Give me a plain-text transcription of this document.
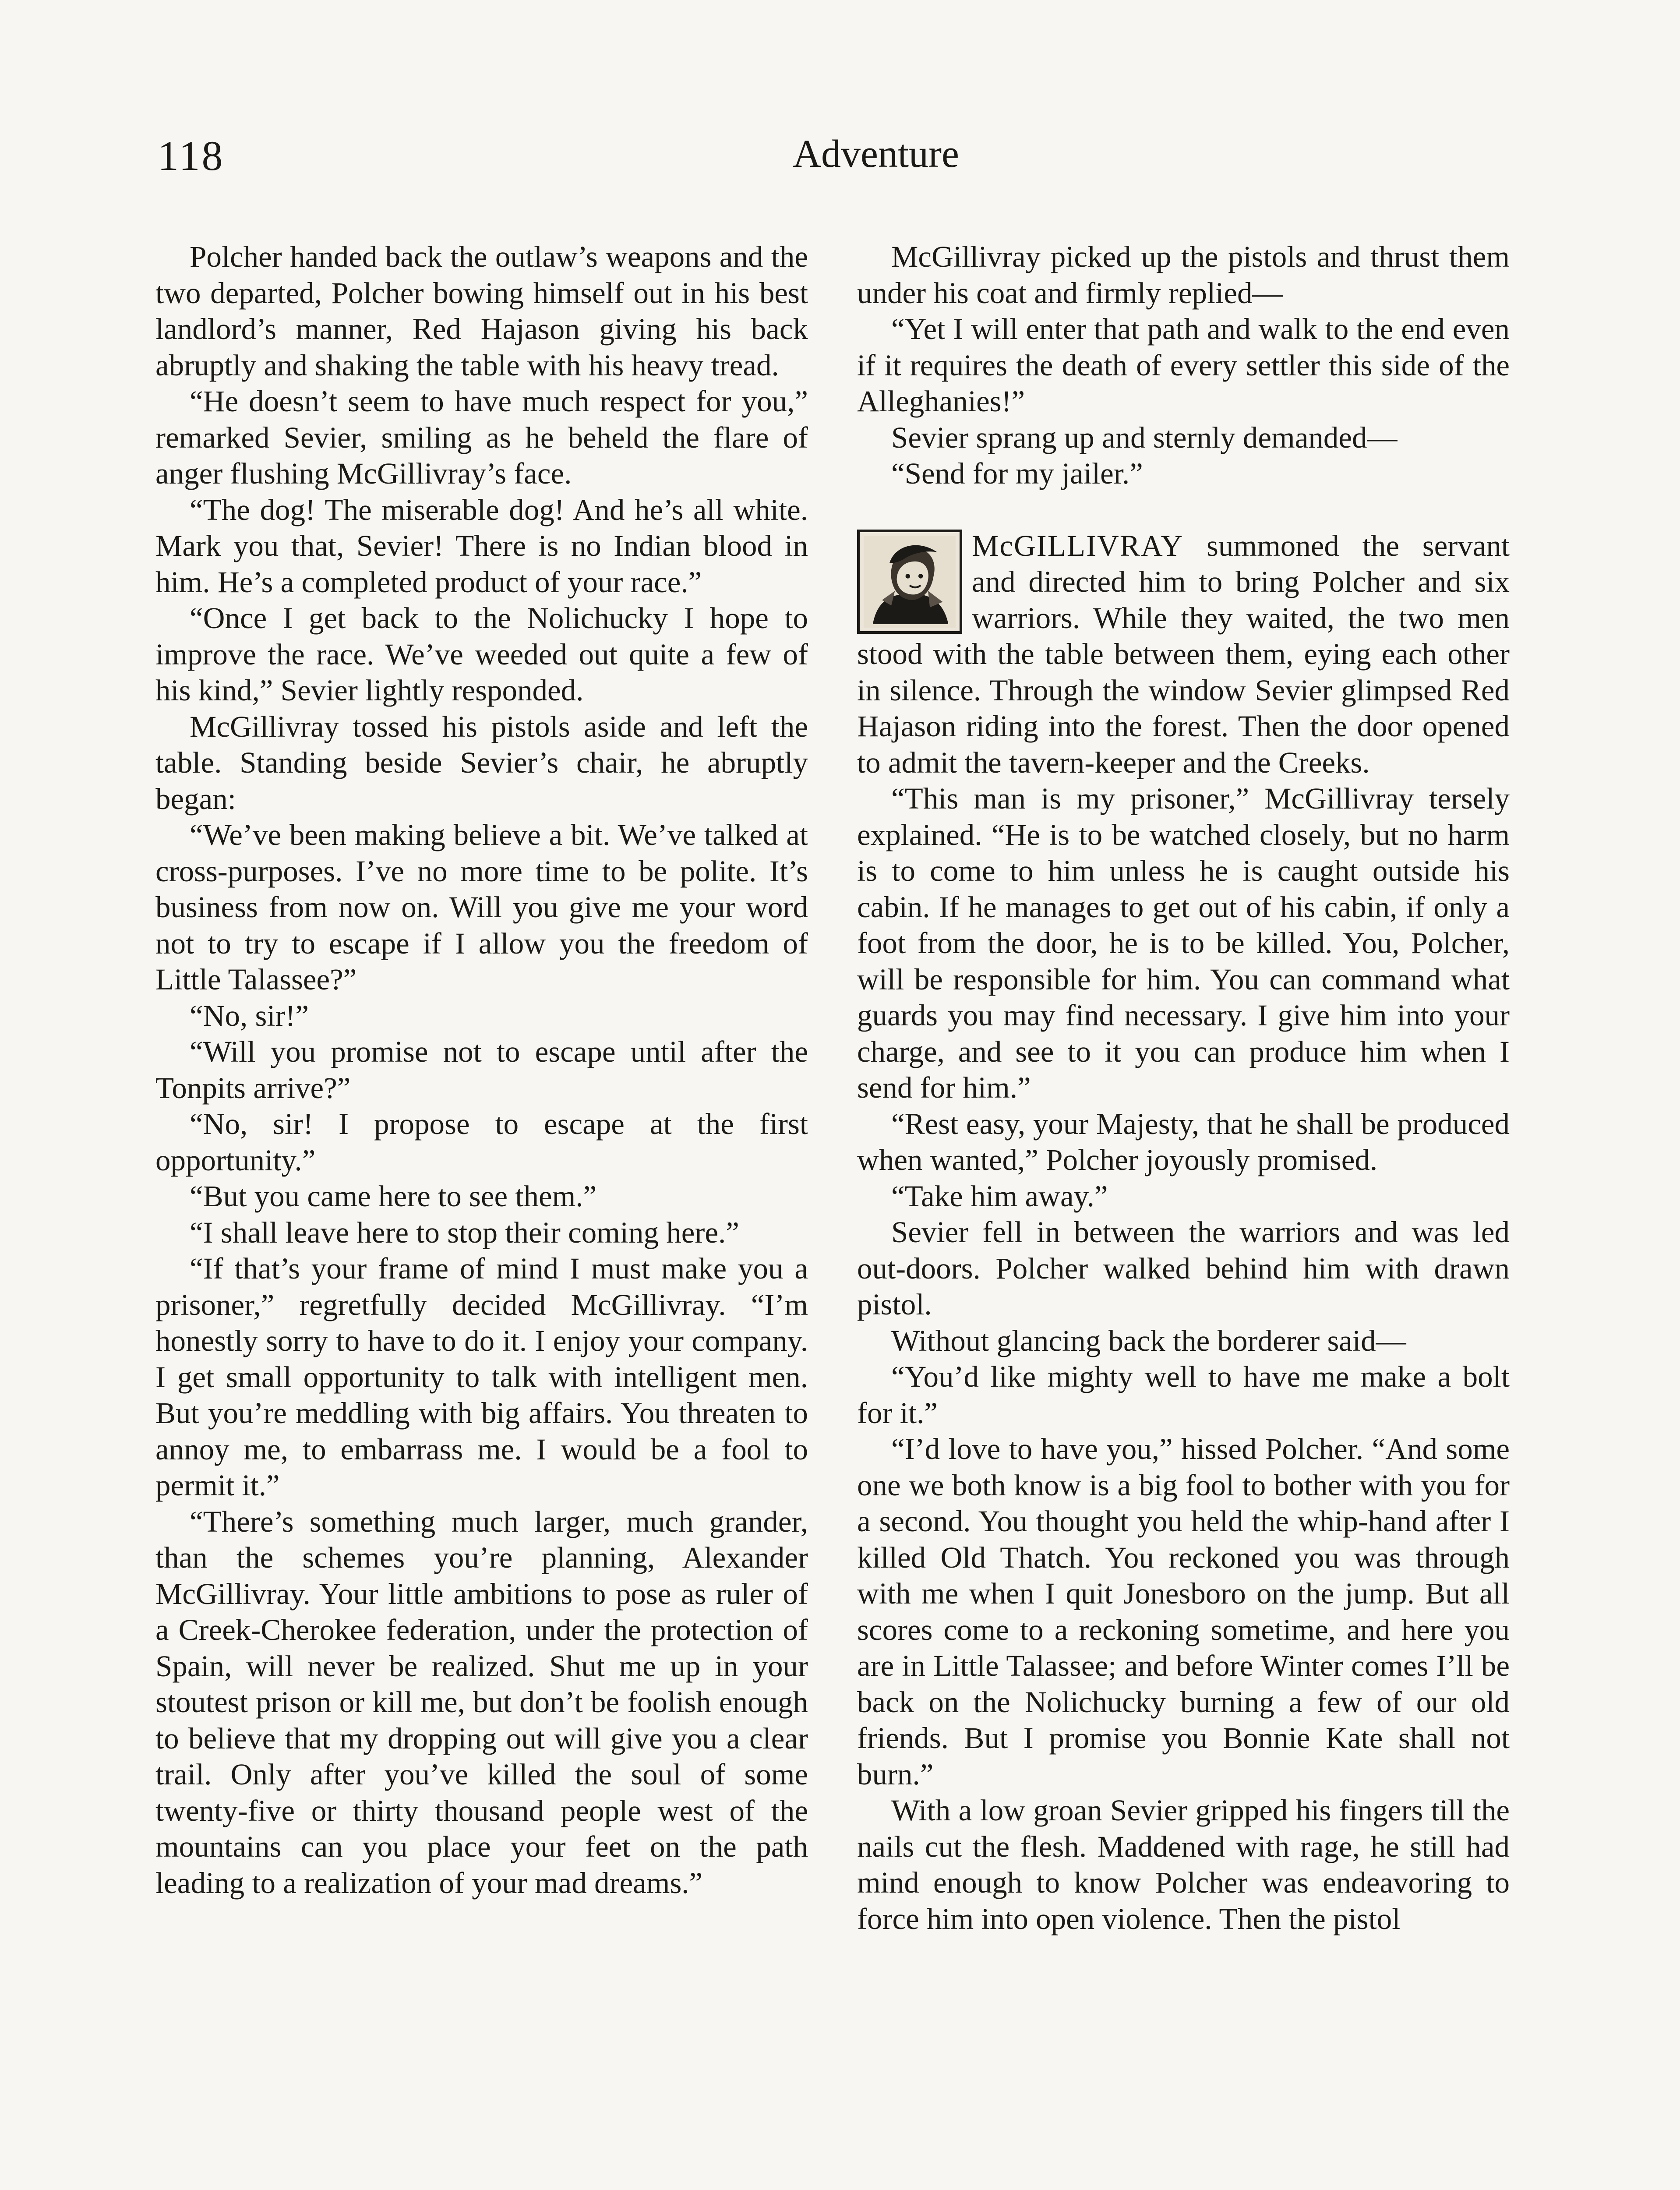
118	Adventure

Polcher handed back the outlaw’s weapons and the two departed, Polcher bowing himself out in his best landlord’s manner, Red Hajason giving his back abruptly and shaking the table with his heavy tread.

“He doesn’t seem to have much respect for you,” remarked Sevier, smiling as he beheld the flare of anger flushing McGillivray’s face.

“The dog! The miserable dog! And he’s all white. Mark you that, Sevier! There is no Indian blood in him. He’s a completed product of your race.”

“Once I get back to the Nolichucky I hope to improve the race. We’ve weeded out quite a few of his kind,” Sevier lightly responded.

McGillivray tossed his pistols aside and left the table. Standing beside Sevier’s chair, he abruptly began:

“We’ve been making believe a bit. We’ve talked at cross-purposes. I’ve no more time to be polite. It’s business from now on. Will you give me your word not to try to escape if I allow you the freedom of Little Talassee?”

“No, sir!”

“Will you promise not to escape until after the Tonpits arrive?”

“No, sir! I propose to escape at the first opportunity.”

“But you came here to see them.”

“I shall leave here to stop their coming here.”

“If that’s your frame of mind I must make you a prisoner,” regretfully decided McGillivray. “I’m honestly sorry to have to do it. I enjoy your company. I get small opportunity to talk with intelligent men. But you’re meddling with big affairs. You threaten to annoy me, to embarrass me. I would be a fool to permit it.”

“There’s something much larger, much grander, than the schemes you’re planning, Alexander McGillivray. Your little ambitions to pose as ruler of a Creek-Cherokee federation, under the protection of Spain, will never be realized. Shut me up in your stoutest prison or kill me, but don’t be foolish enough to believe that my dropping out will give you a clear trail. Only after you’ve killed the soul of some twenty-five or thirty thousand people west of the mountains can you place your feet on the path leading to a realization of your mad dreams.”

McGillivray picked up the pistols and thrust them under his coat and firmly replied—

“Yet I will enter that path and walk to the end even if it requires the death of every settler this side of the Alleghanies!”

Sevier sprang up and sternly demanded—

“Send for my jailer.”

McGILLIVRAY summoned the servant and directed him to bring Polcher and six warriors. While they waited, the two men stood with the table between them, eying each other in silence. Through the window Sevier glimpsed Red Hajason riding into the forest. Then the door opened to admit the tavern-keeper and the Creeks.

“This man is my prisoner,” McGillivray tersely explained. “He is to be watched closely, but no harm is to come to him unless he is caught outside his cabin. If he manages to get out of his cabin, if only a foot from the door, he is to be killed. You, Polcher, will be responsible for him. You can command what guards you may find necessary. I give him into your charge, and see to it you can produce him when I send for him.”

“Rest easy, your Majesty, that he shall be produced when wanted,” Polcher joyously promised.

“Take him away.”

Sevier fell in between the warriors and was led out-doors. Polcher walked behind him with drawn pistol.

Without glancing back the borderer said—

“You’d like mighty well to have me make a bolt for it.”

“I’d love to have you,” hissed Polcher. “And some one we both know is a big fool to bother with you for a second. You thought you held the whip-hand after I killed Old Thatch. You reckoned you was through with me when I quit Jonesboro on the jump. But all scores come to a reckoning sometime, and here you are in Little Talassee; and before Winter comes I’ll be back on the Nolichucky burning a few of our old friends. But I promise you Bonnie Kate shall not burn.”

With a low groan Sevier gripped his fingers till the nails cut the flesh. Maddened with rage, he still had mind enough to know Polcher was endeavoring to force him into open violence. Then the pistol
